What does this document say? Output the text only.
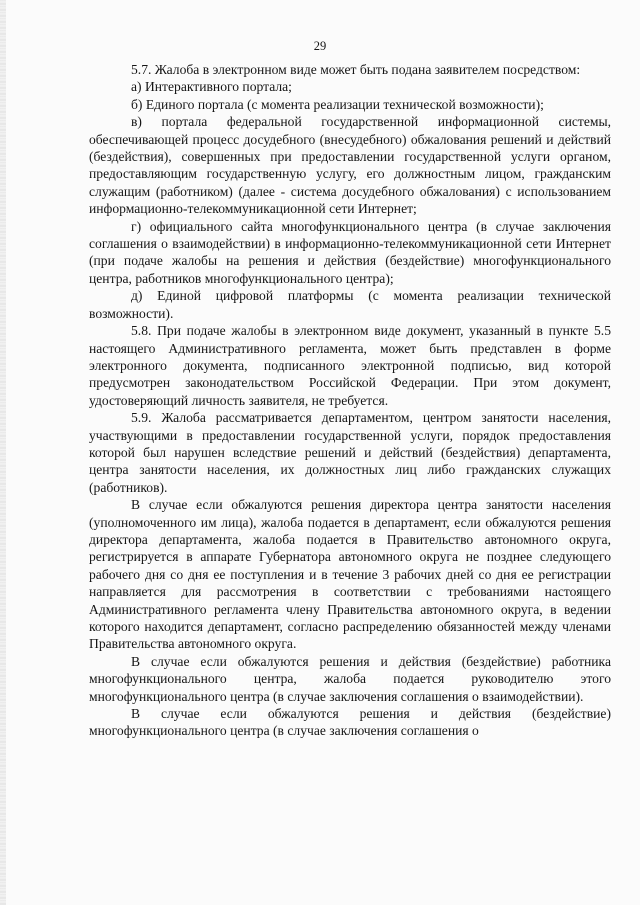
29

5.7. Жалоба в электронном виде может быть подана заявителем посредством:

а) Интерактивного портала;

б) Единого портала (с момента реализации технической возможности);

в) портала федеральной государственной информационной системы, обеспечивающей процесс досудебного (внесудебного) обжалования решений и действий (бездействия), совершенных при предоставлении государственной услуги органом, предоставляющим государственную услугу, его должностным лицом, гражданским служащим (работником) (далее - система досудебного обжалования) с использованием информационно-телекоммуникационной сети Интернет;

г) официального сайта многофункционального центра (в случае заключения соглашения о взаимодействии) в информационно-телекоммуникационной сети Интернет (при подаче жалобы на решения и действия (бездействие) многофункционального центра, работников многофункционального центра);

д) Единой цифровой платформы (с момента реализации технической возможности).

5.8. При подаче жалобы в электронном виде документ, указанный в пункте 5.5 настоящего Административного регламента, может быть представлен в форме электронного документа, подписанного электронной подписью, вид которой предусмотрен законодательством Российской Федерации. При этом документ, удостоверяющий личность заявителя, не требуется.

5.9. Жалоба рассматривается департаментом, центром занятости населения, участвующими в предоставлении государственной услуги, порядок предоставления которой был нарушен вследствие решений и действий (бездействия) департамента, центра занятости населения, их должностных лиц либо гражданских служащих (работников).

В случае если обжалуются решения директора центра занятости населения (уполномоченного им лица), жалоба подается в департамент, если обжалуются решения директора департамента, жалоба подается в Правительство автономного округа, регистрируется в аппарате Губернатора автономного округа не позднее следующего рабочего дня со дня ее поступления и в течение 3 рабочих дней со дня ее регистрации направляется для рассмотрения в соответствии с требованиями настоящего Административного регламента члену Правительства автономного округа, в ведении которого находится департамент, согласно распределению обязанностей между членами Правительства автономного округа.

В случае если обжалуются решения и действия (бездействие) работника многофункционального центра, жалоба подается руководителю этого многофункционального центра (в случае заключения соглашения о взаимодействии).

В случае если обжалуются решения и действия (бездействие) многофункционального центра (в случае заключения соглашения о
